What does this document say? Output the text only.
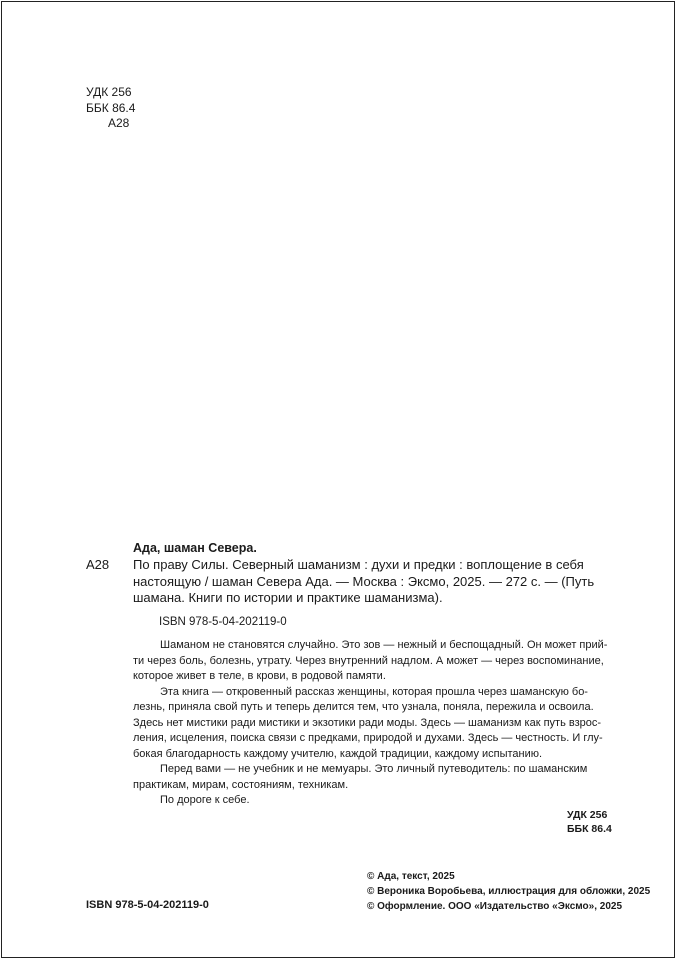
УДК 256
ББК 86.4
А28
Ада, шаман Севера.
А28 По праву Силы. Северный шаманизм : духи и предки : воплощение в себя
настоящую / шаман Севера Ада. — Москва : Эксмо, 2025. — 272 с. — (Путь
шамана. Книги по истории и практике шаманизма).
ISBN 978-5-04-202119-0
Шаманом не становятся случайно. Это зов — нежный и беспощадный. Он может прий-
ти через боль, болезнь, утрату. Через внутренний надлом. А может — через воспоминание,
которое живет в теле, в крови, в родовой памяти.
Эта книга — откровенный рассказ женщины, которая прошла через шаманскую бо-
лезнь, приняла свой путь и теперь делится тем, что узнала, поняла, пережила и освоила.
Здесь нет мистики ради мистики и экзотики ради моды. Здесь — шаманизм как путь взрос-
ления, исцеления, поиска связи с предками, природой и духами. Здесь — честность. И глу-
бокая благодарность каждому учителю, каждой традиции, каждому испытанию.
Перед вами — не учебник и не мемуары. Это личный путеводитель: по шаманским
практикам, мирам, состояниям, техникам.
По дороге к себе.
УДК 256
ББК 86.4
© Ада, текст, 2025
© Вероника Воробьева, иллюстрация для обложки, 2025
© Оформление. ООО «Издательство «Эксмо», 2025
ISBN 978-5-04-202119-0
